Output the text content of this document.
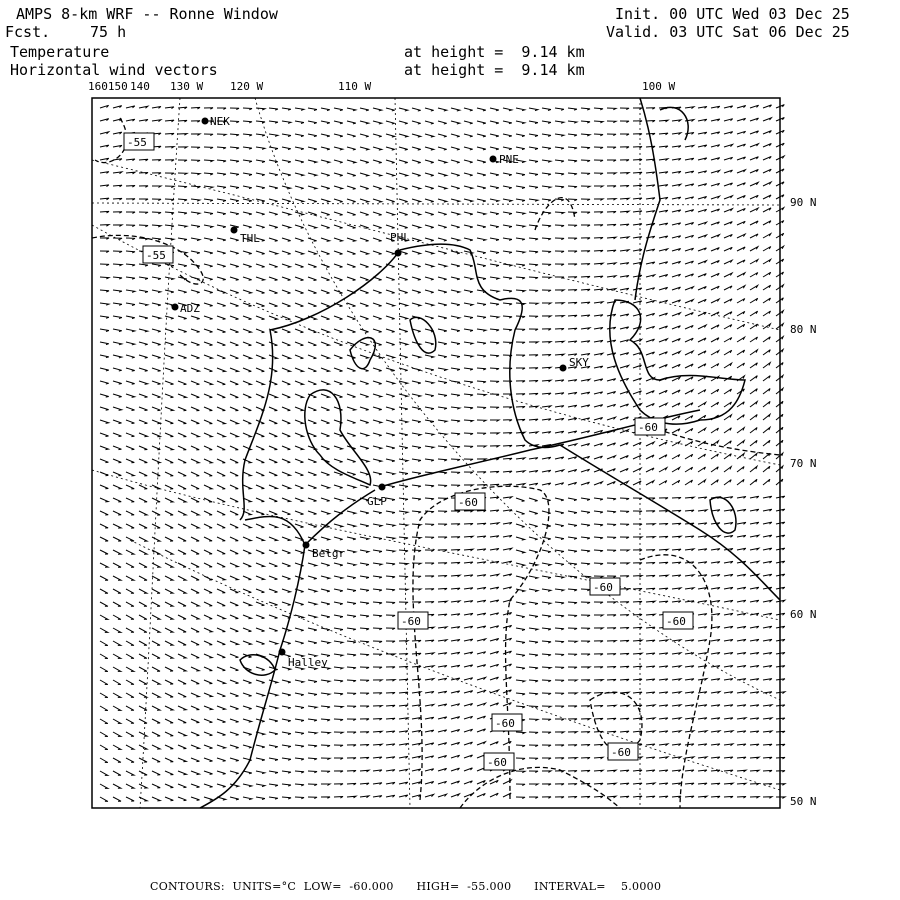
AMPS 8-km WRF -- Ronne Window
Fcst.	75 h
Init. 00 UTC Wed 03 Dec 25
Valid. 03 UTC Sat 06 Dec 25
Temperature
Horizontal wind vectors
at height =  9.14 km
at height =  9.14 km
-55
-55
-60
-60
-60
-60
-60
-60
-60
-60
NEK
PNE
THL	PHL
ADZ
SKY
GLP
Belgr
Halley
160150 140 130 W 120 W	110 W	100 W
90 N
80 N
70 N
60 N
50 N
CONTOURS:  UNITS=°C  LOW=  -60.000      HIGH=  -55.000      INTERVAL=    5.0000
